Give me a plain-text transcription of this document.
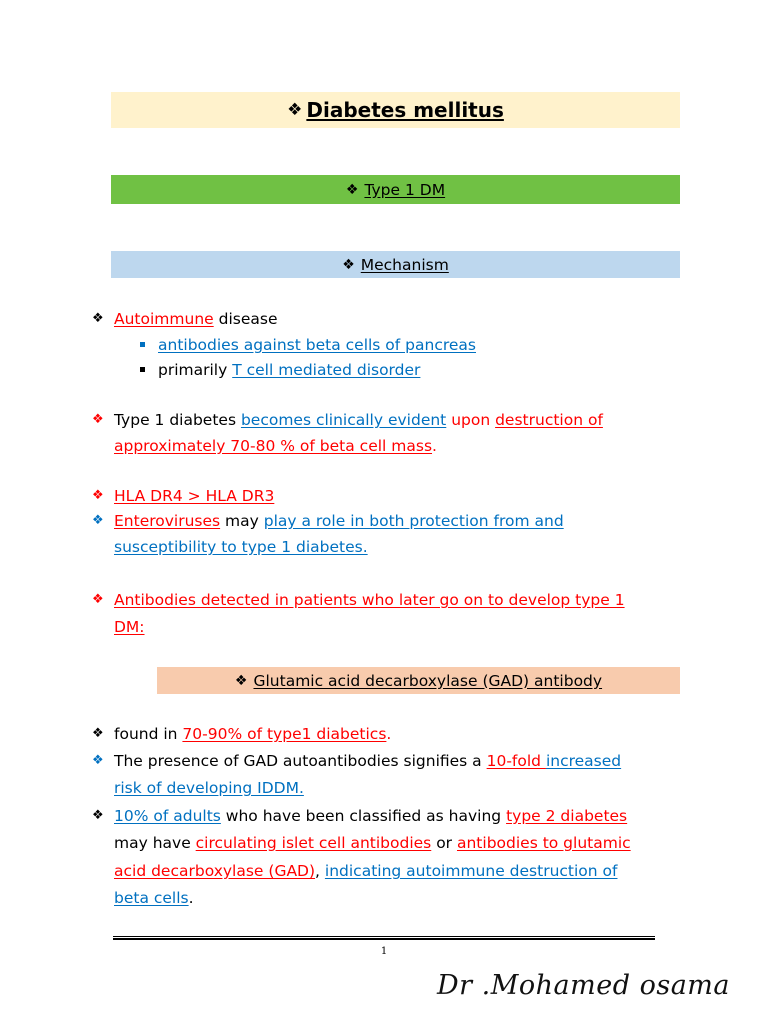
❖ Diabetes mellitus
❖ Type 1 DM
❖ Mechanism
❖ Autoimmune disease
antibodies against beta cells of pancreas
primarily T cell mediated disorder
❖ Type 1 diabetes becomes clinically evident upon destruction of
approximately 70-80 % of beta cell mass.
❖ HLA DR4 > HLA DR3
❖ Enteroviruses may play a role in both protection from and
susceptibility to type 1 diabetes.
❖ Antibodies detected in patients who later go on to develop type 1
DM:
❖ Glutamic acid decarboxylase (GAD) antibody
❖ found in 70-90% of type1 diabetics.
❖ The presence of GAD autoantibodies signifies a 10-fold increased
risk of developing IDDM.
❖ 10% of adults who have been classified as having type 2 diabetes
may have circulating islet cell antibodies or antibodies to glutamic
acid decarboxylase (GAD), indicating autoimmune destruction of
beta cells.
1
Dr .Mohamed osama
